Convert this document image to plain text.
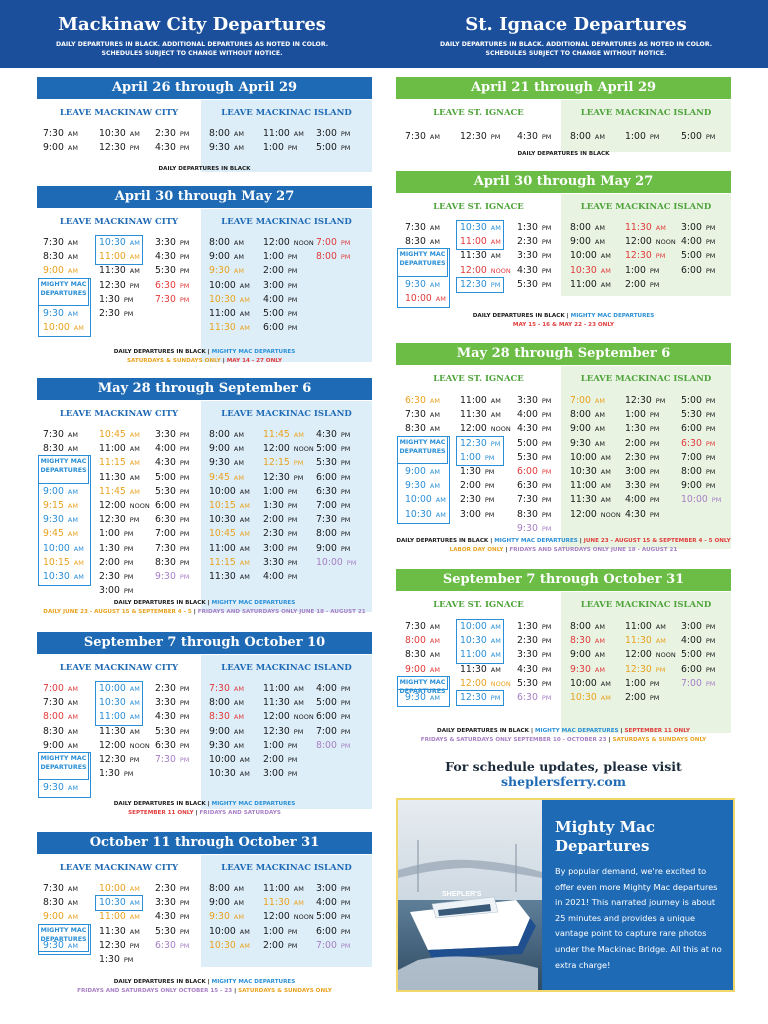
Mackinaw City Departures
DAILY DEPARTURES IN BLACK. ADDITIONAL DEPARTURES AS NOTED IN COLOR.
SCHEDULES SUBJECT TO CHANGE WITHOUT NOTICE.
St. Ignace Departures
DAILY DEPARTURES IN BLACK. ADDITIONAL DEPARTURES AS NOTED IN COLOR.
SCHEDULES SUBJECT TO CHANGE WITHOUT NOTICE.
April 26 through April 29
LEAVE MACKINAW CITY
7:30 AM
9:00 AM
10:30 AM
12:30 PM
2:30 PM
4:30 PM
LEAVE MACKINAC ISLAND
8:00 AM
9:30 AM
11:00 AM
1:00 PM
3:00 PM
5:00 PM
DAILY DEPARTURES IN BLACK
April 30 through May 27
LEAVE MACKINAW CITY
7:30 AM
8:30 AM
9:00 AM

9:30 AM
10:00 AM
10:30 AM
11:00 AM
11:30 AM
12:30 PM
1:30 PM
2:30 PM
3:30 PM
4:30 PM
5:30 PM
6:30 PM
7:30 PM
MIGHTY MAC DEPARTURES
LEAVE MACKINAC ISLAND
8:00 AM
9:00 AM
9:30 AM
10:00 AM
10:30 AM
11:00 AM
11:30 AM
12:00 NOON
1:00 PM
2:00 PM
3:00 PM
4:00 PM
5:00 PM
6:00 PM
7:00 PM
8:00 PM
DAILY DEPARTURES IN BLACK | MIGHTY MAC DEPARTURES
SATURDAYS & SUNDAYS ONLY | MAY 14 - 27 ONLY
May 28 through September 6
LEAVE MACKINAW CITY
7:30 AM
8:30 AM

9:00 AM
9:15 AM
9:30 AM
9:45 AM
10:00 AM
10:15 AM
10:30 AM
10:45 AM
11:00 AM
11:15 AM
11:30 AM
11:45 AM
12:00 NOON
12:30 PM
1:00 PM
1:30 PM
2:00 PM
2:30 PM
3:00 PM
3:30 PM
4:00 PM
4:30 PM
5:00 PM
5:30 PM
6:00 PM
6:30 PM
7:00 PM
7:30 PM
8:30 PM
9:30 PM
MIGHTY MAC DEPARTURES
LEAVE MACKINAC ISLAND
8:00 AM
9:00 AM
9:30 AM
9:45 AM
10:00 AM
10:15 AM
10:30 AM
10:45 AM
11:00 AM
11:15 AM
11:30 AM
11:45 AM
12:00 NOON
12:15 PM
12:30 PM
1:00 PM
1:30 PM
2:00 PM
2:30 PM
3:00 PM
3:30 PM
4:00 PM
4:30 PM
5:00 PM
5:30 PM
6:00 PM
6:30 PM
7:00 PM
7:30 PM
8:00 PM
9:00 PM
10:00 PM
DAILY DEPARTURES IN BLACK | MIGHTY MAC DEPARTURES
DAILY JUNE 23 - AUGUST 15 & SEPTEMBER 4 - 5 | FRIDAYS AND SATURDAYS ONLY JUNE 18 - AUGUST 21
September 7 through October 10
LEAVE MACKINAW CITY
7:00 AM
7:30 AM
8:00 AM
8:30 AM
9:00 AM

9:30 AM
10:00 AM
10:30 AM
11:00 AM
11:30 AM
12:00 NOON
12:30 PM
1:30 PM
2:30 PM
3:30 PM
4:30 PM
5:30 PM
6:30 PM
7:30 PM
MIGHTY MAC DEPARTURES
LEAVE MACKINAC ISLAND
7:30 AM
8:00 AM
8:30 AM
9:00 AM
9:30 AM
10:00 AM
10:30 AM
11:00 AM
11:30 AM
12:00 NOON
12:30 PM
1:00 PM
2:00 PM
3:00 PM
4:00 PM
5:00 PM
6:00 PM
7:00 PM
8:00 PM
DAILY DEPARTURES IN BLACK | MIGHTY MAC DEPARTURES
SEPTEMBER 11 ONLY | FRIDAYS AND SATURDAYS
October 11 through October 31
LEAVE MACKINAW CITY
7:30 AM
8:30 AM
9:00 AM

9:30 AM
10:00 AM
10:30 AM
11:00 AM
11:30 AM
12:30 PM
1:30 PM
2:30 PM
3:30 PM
4:30 PM
5:30 PM
6:30 PM
MIGHTY MAC DEPARTURES
LEAVE MACKINAC ISLAND
8:00 AM
9:00 AM
9:30 AM
10:00 AM
10:30 AM
11:00 AM
11:30 AM
12:00 NOON
1:00 PM
2:00 PM
3:00 PM
4:00 PM
5:00 PM
6:00 PM
7:00 PM
DAILY DEPARTURES IN BLACK | MIGHTY MAC DEPARTURES
FRIDAYS AND SATURDAYS ONLY OCTOBER 15 - 23 | SATURDAYS & SUNDAYS ONLY
April 21 through April 29
LEAVE ST. IGNACE
7:30 AM 12:30 PM 4:30 PM
LEAVE MACKINAC ISLAND
8:00 AM 1:00 PM 5:00 PM
DAILY DEPARTURES IN BLACK
April 30 through May 27
LEAVE ST. IGNACE
7:30 AM
8:30 AM

9:30 AM
10:00 AM
10:30 AM
11:00 AM
11:30 AM
12:00 NOON
12:30 PM
1:30 PM
2:30 PM
3:30 PM
4:30 PM
5:30 PM
MIGHTY MAC DEPARTURES
LEAVE MACKINAC ISLAND
8:00 AM
9:00 AM
10:00 AM
10:30 AM
11:00 AM
11:30 AM
12:00 NOON
12:30 PM
1:00 PM
2:00 PM
3:00 PM
4:00 PM
5:00 PM
6:00 PM
DAILY DEPARTURES IN BLACK | MIGHTY MAC DEPARTURES
MAY 15 - 16 & MAY 22 - 23 ONLY
May 28 through September 6
LEAVE ST. IGNACE
6:30 AM
7:30 AM
8:30 AM

9:00 AM
9:30 AM
10:00 AM
10:30 AM
11:00 AM
11:30 AM
12:00 NOON
12:30 PM
1:00 PM
1:30 PM
2:00 PM
2:30 PM
3:00 PM
3:30 PM
4:00 PM
4:30 PM
5:00 PM
5:30 PM
6:00 PM
6:30 PM
7:30 PM
8:30 PM
9:30 PM
MIGHTY MAC DEPARTURES
LEAVE MACKINAC ISLAND
7:00 AM
8:00 AM
9:00 AM
9:30 AM
10:00 AM
10:30 AM
11:00 AM
11:30 AM
12:00 NOON
12:30 PM
1:00 PM
1:30 PM
2:00 PM
2:30 PM
3:00 PM
3:30 PM
4:00 PM
4:30 PM
5:00 PM
5:30 PM
6:00 PM
6:30 PM
7:00 PM
8:00 PM
9:00 PM
10:00 PM
DAILY DEPARTURES IN BLACK | MIGHTY MAC DEPARTURES | JUNE 23 - AUGUST 15 & SEPTEMBER 4 - 5 ONLY
LABOR DAY ONLY | FRIDAYS AND SATURDAYS ONLY JUNE 18 - AUGUST 21
September 7 through October 31
LEAVE ST. IGNACE
7:30 AM
8:00 AM
8:30 AM
9:00 AM

9:30 AM
10:00 AM
10:30 AM
11:00 AM
11:30 AM
12:00 NOON
12:30 PM
1:30 PM
2:30 PM
3:30 PM
4:30 PM
5:30 PM
6:30 PM
MIGHTY MAC DEPARTURES
LEAVE MACKINAC ISLAND
8:00 AM
8:30 AM
9:00 AM
9:30 AM
10:00 AM
10:30 AM
11:00 AM
11:30 AM
12:00 NOON
12:30 PM
1:00 PM
2:00 PM
3:00 PM
4:00 PM
5:00 PM
6:00 PM
7:00 PM
DAILY DEPARTURES IN BLACK | MIGHTY MAC DEPARTURES | SEPTEMBER 11 ONLY
FRIDAYS & SATURDAYS ONLY SEPTEMBER 10 - OCTOBER 23 | SATURDAYS & SUNDAYS ONLY
For schedule updates, please visit sheplersferry.com
SHEPLER'S
Mighty Mac Departures
By popular demand, we're excited to offer even more Mighty Mac departures in 2021! This narrated journey is about 25 minutes and provides a unique vantage point to capture rare photos under the Mackinac Bridge. All this at no extra charge!
